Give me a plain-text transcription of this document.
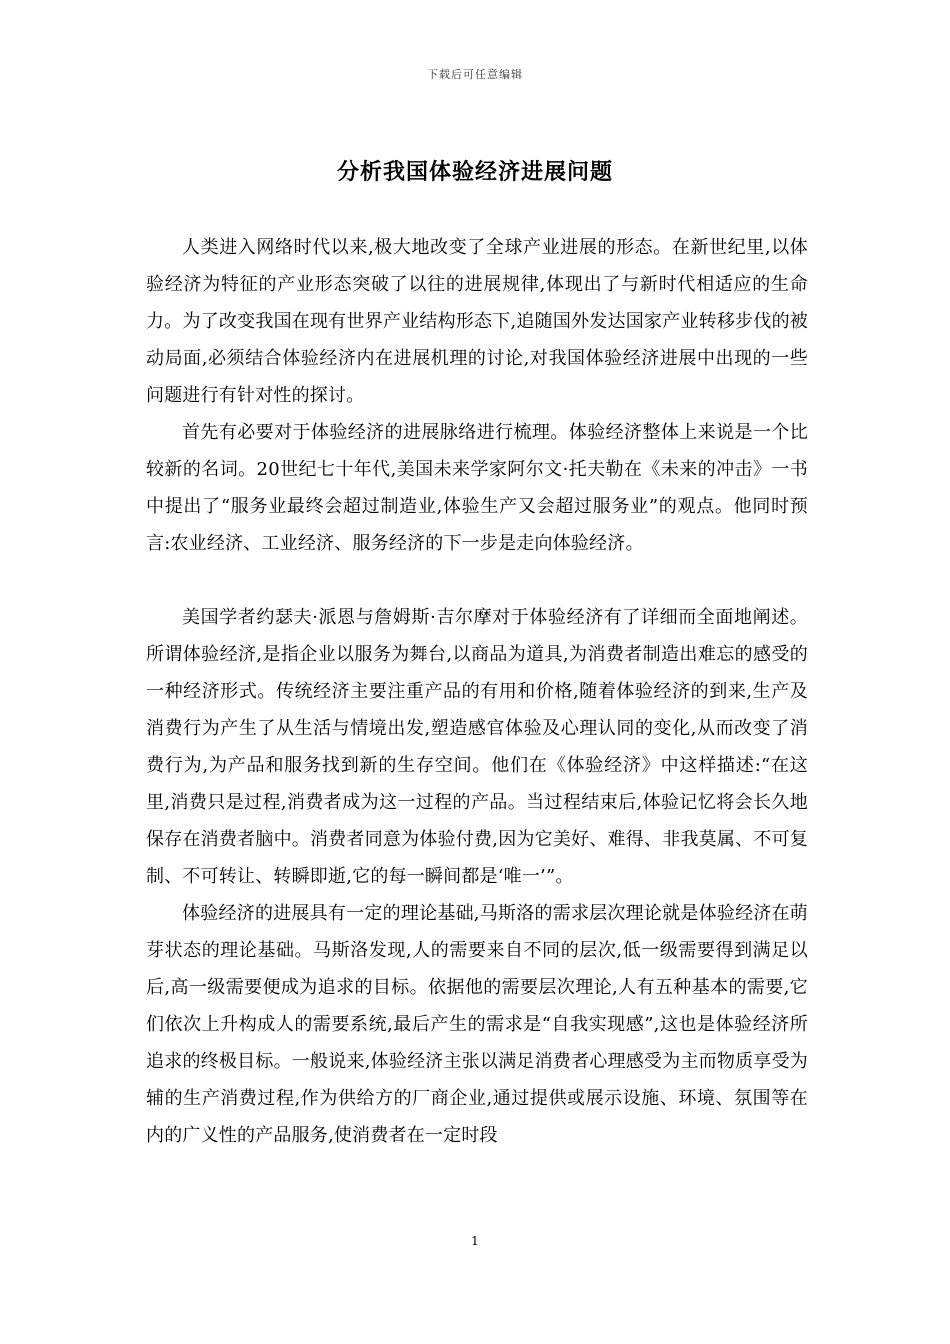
下载后可任意编辑
分析我国体验经济进展问题

人类进入网络时代以来,极大地改变了全球产业进展的形态。在新世纪里,以体验经济为特征的产业形态突破了以往的进展规律,体现出了与新时代相适应的生命力。为了改变我国在现有世界产业结构形态下,追随国外发达国家产业转移步伐的被动局面,必须结合体验经济内在进展机理的讨论,对我国体验经济进展中出现的一些问题进行有针对性的探讨。

首先有必要对于体验经济的进展脉络进行梳理。体验经济整体上来说是一个比较新的名词。20世纪七十年代,美国未来学家阿尔文·托夫勒在《未来的冲击》一书中提出了“服务业最终会超过制造业,体验生产又会超过服务业”的观点。他同时预言:农业经济、工业经济、服务经济的下一步是走向体验经济。

美国学者约瑟夫·派恩与詹姆斯·吉尔摩对于体验经济有了详细而全面地阐述。所谓体验经济,是指企业以服务为舞台,以商品为道具,为消费者制造出难忘的感受的一种经济形式。传统经济主要注重产品的有用和价格,随着体验经济的到来,生产及消费行为产生了从生活与情境出发,塑造感官体验及心理认同的变化,从而改变了消费行为,为产品和服务找到新的生存空间。他们在《体验经济》中这样描述:“在这里,消费只是过程,消费者成为这一过程的产品。当过程结束后,体验记忆将会长久地保存在消费者脑中。消费者同意为体验付费,因为它美好、难得、非我莫属、不可复制、不可转让、转瞬即逝,它的每一瞬间都是‘唯一’”。

体验经济的进展具有一定的理论基础,马斯洛的需求层次理论就是体验经济在萌芽状态的理论基础。马斯洛发现,人的需要来自不同的层次,低一级需要得到满足以后,高一级需要便成为追求的目标。依据他的需要层次理论,人有五种基本的需要,它们依次上升构成人的需要系统,最后产生的需求是“自我实现感”,这也是体验经济所追求的终极目标。一般说来,体验经济主张以满足消费者心理感受为主而物质享受为辅的生产消费过程,作为供给方的厂商企业,通过提供或展示设施、环境、氛围等在内的广义性的产品服务,使消费者在一定时段

1
